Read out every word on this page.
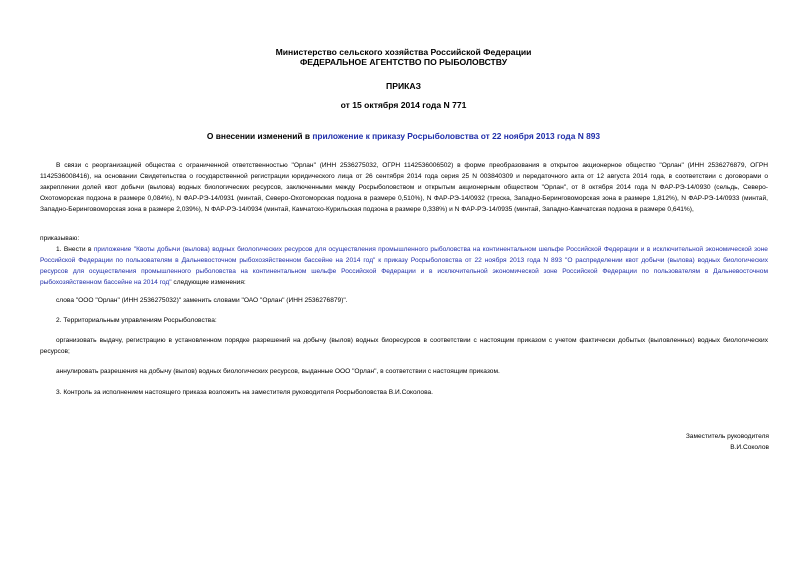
Министерство сельского хозяйства Российской Федерации
ФЕДЕРАЛЬНОЕ АГЕНТСТВО ПО РЫБОЛОВСТВУ
ПРИКАЗ
от 15 октября 2014 года N 771
О внесении изменений в приложение к приказу Росрыболовства от 22 ноября 2013 года N 893

В связи с реорганизацией общества с ограниченной ответственностью "Орлан" (ИНН 2536275032, ОГРН 1142536006502) в форме преобразования в открытое акционерное общество "Орлан" (ИНН 2536276879, ОГРН 1142536008416), на основании Свидетельства о государственной регистрации юридического лица от 26 сентября 2014 года серия 25 N 003840309 и передаточного акта от 12 августа 2014 года, в соответствии с договорами о закреплении долей квот добычи (вылова) водных биологических ресурсов, заключенными между Росрыболовством и открытым акционерным обществом "Орлан", от 8 октября 2014 года N ФАР-РЭ-14/0930 (сельдь, Северо-Охотоморская подзона в размере 0,084%), N ФАР-РЭ-14/0931 (минтай, Северо-Охотоморская подзона в размере 0,510%), N ФАР-РЭ-14/0932 (треска, Западно-Беринговоморская зона в размере 1,812%), N ФАР-РЭ-14/0933 (минтай, Западно-Беринговоморская зона в размере 2,039%), N ФАР-РЭ-14/0934 (минтай, Камчатско-Курильская подзона в размере 0,338%) и N ФАР-РЭ-14/0935 (минтай, Западно-Камчатская подзона в размере 0,641%),

приказываю:

1. Внести в приложение "Квоты добычи (вылова) водных биологических ресурсов для осуществления промышленного рыболовства на континентальном шельфе Российской Федерации и в исключительной экономической зоне Российской Федерации по пользователям в Дальневосточном рыбохозяйственном бассейне на 2014 год" к приказу Росрыболовства от 22 ноября 2013 года N 893 "О распределении квот добычи (вылова) водных биологических ресурсов для осуществления промышленного рыболовства на континентальном шельфе Российской Федерации и в исключительной экономической зоне Российской Федерации по пользователям в Дальневосточном рыбохозяйственном бассейне на 2014 год" следующие изменения:

слова "ООО "Орлан" (ИНН 2536275032)" заменить словами "ОАО "Орлан" (ИНН 2536276879)".

2. Территориальным управлениям Росрыболовства:

организовать выдачу, регистрацию в установленном порядке разрешений на добычу (вылов) водных биоресурсов в соответствии с настоящим приказом с учетом фактически добытых (выловленных) водных биологических ресурсов;

аннулировать разрешения на добычу (вылов) водных биологических ресурсов, выданные ООО "Орлан", в соответствии с настоящим приказом.

3. Контроль за исполнением настоящего приказа возложить на заместителя руководителя Росрыболовства В.И.Соколова.

Заместитель руководителя
В.И.Соколов
